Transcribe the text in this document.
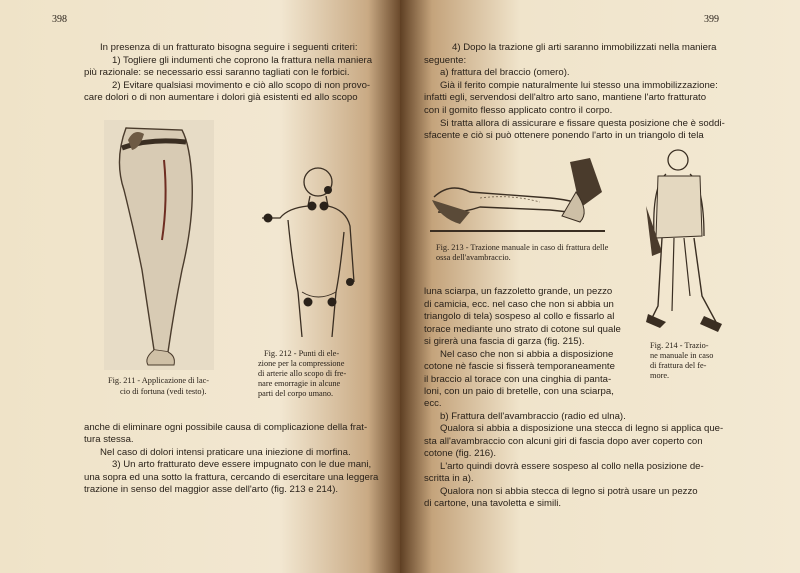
398
In presenza di un fratturato bisogna seguire i seguenti criteri:
1) Togliere gli indumenti che coprono la frattura nella maniera
più razionale: se necessario essi saranno tagliati con le forbici.
2) Evitare qualsiasi movimento e ciò allo scopo di non provo-
care dolori o di non aumentare i dolori già esistenti ed allo scopo
Fig. 211 - Applicazione di lac-
cio di fortuna (vedi testo).
Fig. 212 - Punti di ele-
zione per la compressione
di arterie allo scopo di fre-
nare emorragie in alcune
parti del corpo umano.
anche di eliminare ogni possibile causa di complicazione della frat-
tura stessa.
Nel caso di dolori intensi praticare una iniezione di morfina.
3) Un arto fratturato deve essere impugnato con le due mani,
una sopra ed una sotto la frattura, cercando di esercitare una leggera
trazione in senso del maggior asse dell'arto (fig. 213 e 214).
399
4) Dopo la trazione gli arti saranno immobilizzati nella maniera
seguente:
a) frattura del braccio (omero).
Già il ferito compie naturalmente lui stesso una immobilizzazione:
infatti egli, servendosi dell'altro arto sano, mantiene l'arto fratturato
con il gomito flesso applicato contro il corpo.
Si tratta allora di assicurare e fissare questa posizione che è soddi-
sfacente e ciò si può ottenere ponendo l'arto in un triangolo di tela
Fig. 213 - Trazione manuale in caso di frattura delle
ossa dell'avambraccio.
luna sciarpa, un fazzoletto grande, un pezzo
di camicia, ecc. nel caso che non si abbia un
triangolo di tela) sospeso al collo e fissarlo al
torace mediante uno strato di cotone sul quale
si girerà una fascia di garza (fig. 215).
Nel caso che non si abbia a disposizione
cotone nè fascie si fisserà temporaneamente
il braccio al torace con una cinghia di panta-
loni, con un paio di bretelle, con una sciarpa,
ecc.
Fig. 214 - Trazio-
ne manuale in caso
di frattura del fe-
more.
b) Frattura dell'avambraccio (radio ed ulna).
Qualora si abbia a disposizione una stecca di legno si applica que-
sta all'avambraccio con alcuni giri di fascia dopo aver coperto con
cotone (fig. 216).
L'arto quindi dovrà essere sospeso al collo nella posizione de-
scritta in a).
Qualora non si abbia stecca di legno si potrà usare un pezzo
di cartone, una tavoletta e simili.
